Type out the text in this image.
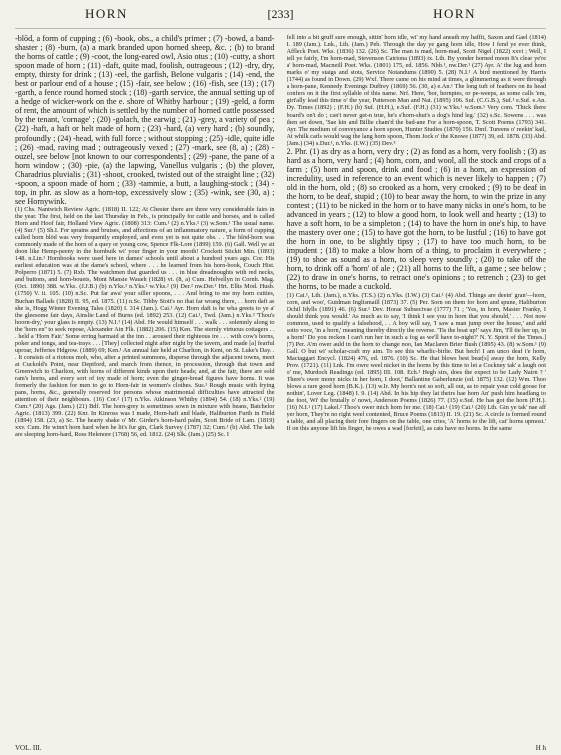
HORN	[233]	HORN

-blōd, a form of cupping ; (6) -book, obs., a child's primer ; (7) -bowd, a band-shaster ; (8) -burn, (a) a mark branded upon horned sheep, &c. ; (b) to brand the horns of cattle ; (9) -coot, the long-eared owl, Asio otus ; (10) -cutty, a short spoon made of horn ; (11) -daft, quite mad, foolish, outrageous ; (12) -dry, dry, empty, thirsty for drink ; (13) -eel, the garfish, Belone vulgaris ; (14) -end, the best or parlour end of a house ; (15) -fair, see below ; (16) -fish, see (13) ; (17) -garth, a fence round horned stock ; (18) -garth service, the annual setting up of a hedge of wicker-work on the e. shore of Whitby harbour ; (19) -geld, a form of rent, the amount of which is settled by the number of horned cattle possessed by the tenant, 'cornage' ; (20) -golach, the earwig ; (21) -grey, a variety of pea ; (22) -haft, a haft or helt made of horn ; (23) -hard, (a) very hard ; (b) soundly, profoundly ; (24) -head, with full force ; without stopping ; (25) -idle, quite idle ; (26) -mad, raving mad ; outrageously vexed ; (27) -mark, see (8, a) ; (28) -ouzel, see below [not known to our correspondents] ; (29) -pane, the pane of a horn window ; (30) -pie, (a) the lapwing, Vanellus vulgaris ; (b) the plover, Charadrius pluvialis ; (31) -shoot, crooked, twisted out of the straight line ; (32) -spoon, a spoon made of horn ; (33) -tammie, a butt, a laughing-stock ; (34) -top, in phr. as slow as a horn-top, excessively slow ; (35) -wink, see (30, a) ; see Hornywink.

(1) Chs. Nantwich Review Agric. (1818) II. 122; At Chester there are three very considerable fairs in the year. The first, held on the last Thursday in Feb., is principally for cattle and horses, and is called Horn and Hoof fair, Holland View Agric. (1808) 313: Cum.¹ (2) n.Yks.² (3) w.Som.¹ The usual name. (4) Sur.¹ (5) Sh.I. For sprains and bruises, and affections of an inflammatory nature, a form of cupping called horn blōd was very frequently employed, and even yet is not quite obs. . . The blōd-horn was commonly made of the horn of a quey or young cow, Spence Flk-Lore (1899) 159. (6) Gall. Well ye sit doon like Hemp-peeny in the hornbuik wi' your finger in your mooth! Crockett Stickit Min. (1893) 148. n.Lin.¹ Hornbooks were used here in dames' schools until about a hundred years ago. Cor. His earliest education was at the dame's school, where . . . he learned from his horn-book, Couch Hist. Polperro (1871) 5. (7) Rxb. The watchmen that guarded us . . . in blue dreadnoughts with red necks, and buttons, and horn-bouets, Mont Mansie Waueh (1828) vi. (8, a) Cum. Helvellyn in Cornh. Mag. (Oct. 1890) 388. w.Yks. (J.J.B.) (b) n.Yks.² n.Yks.² w.Yks.² (9) Der.² nw.Der.¹ Hrt. Ellis Mod. Husb. (1750) V. ii. 105. (10) n.Sc. Put far awa' your siller spoons, . . . And bring to me my horn cutties, Buchan Ballads (1828) II. 95, ed. 1875. (11) n.Sc. Tibby Stott's no that far wrang there, . . horn daft as she is, Hogg Winter Evening Tales (1820) I. 314 (Jam.). Cai.¹ Ayr. Horn daft is he wha greets to ye a' the gleesome fair days, Ainslie Land of Burns (ed. 1892) 253. (12) Cai.¹, Twd. (Jam.) n.Yks.² 'Thou's hoorn-dry,' your glass is empty. (13) N.I.¹ (14) Abd. He would himself . . . walk . . . solemnly along to the 'horn en'' to seek repose, Alexander Ain Flk. (1882) 206. (15) Ken. The sternly virtuous cottagers . . . held a 'Horn Fair.' Some erring barmaid at the inn . . aroused their righteous ire . . . with cow's horns, poker and tongs, and tea-trays . . . [They] collected night after night by the tavern, and made [a] fearful uproar, Jefferies Hdgrow. (1889) 69; Ken.¹ An annual fair held at Charlton, in Kent, on St. Luke's Day. . . It consists of a riotous mob, who, after a printed summons, disperse through the adjacent towns, meet at Cuckold's Point, near Deptford, and march from thence, in procession, through that town and Greenwich to Charlton, with horns of different kinds upon their heads; and, at the fair, there are sold ram's horns, and every sort of toy made of horn; even the ginger-bread figures have horns. It was formerly the fashion for men to go to Horn-fair in women's clothes. Sus.¹ Rough music with frying pans, horns, &c., generally reserved for persons whose matrimonial difficulties have attracted the attention of their neighbours. (16) Cor.² (17) n.Yks. Atkinson Whitby (1894) 54. (18) n.Yks.² (19) Cum.⁴ (20) Ags. (Jam.) (21) Bdf. The horn-grey is sometimes sown in mixture with beans, Batchelor Agric. (1813) 399. (22) Knr. In Kinross was I made, Horn-haft and blade, Haliburton Furth in Field (1894) 158. (23, a) Sc. The hearty shake o' Mr. Girder's horn-hard palm, Scott Bride of Lam. (1819) xxv. Cum. He winn't horn hard when he lit's fur gin, Clark Survey (1787) 32; Cum.¹ (b) Abd. The lads are sleeping horn-hard, Ross Helenore (1768) 56, ed. 1812. (24) Slk. (Jam.) (25) Sc. I

fell into a bit gruff sure enough, sittin' horn idle, wi' my hand aneath my haffit, Saxon and Gael (1814) I. 189 (Jam.). Lnk., Lth. (Jam.) Peb. Through the day ye gang horn idle, How I fend ye ever think, Affleck Poet. Wks. (1836) 132. (26) Sc. The man is mad, horn-mad, Scott Nigel (1822) xxvi ; Well, I tell ye fairly, I'm horn-mad, Stevenson Catriona (1893) ix. Lth. By yonder horned moon It's clear ye're a' horn-mad, Macneill Poet. Wks. (1801) 175, ed. 1856. Nhb.¹, nw.Der.¹ (27) Ayr. A' the lug and horn marks o' my staigs and stots, Service Notandums (1890) 5. (28) N.I.¹ A bird mentioned by Harris (1744) as found in Down. (29) Wxf. There came on his mind at times, a glimmering as it were through a horn-pane, Kennedy Evenings Duffrey (1869) 56. (30, a) e.An.¹ The long tuft of feathers on its head confers on it the first syllable of this name. Nrf. Here, 'bor, hornpies, or pe-weeps, as some calls 'em, girt'ally lead this time o' the year, Patterson Man and Nat. (1895) 106. Suf. (C.G.B.), Suf.¹ e.Suf. e.An. Dy. Times (1892) ; (F.H.) (b) Suf. (H.H.), e.Suf. (F.H.) (31) w.Yks.¹ w.Som.¹ Very com. 'Thick there board's on't do ; can't never get-n true, he's s'horn-shut's a dog's hind leg.' (32) s.Sc. Sowens . . . was then set down, 'Sae kin and Billie cham'd the bad-ane For a horn-spoon, T. Scott Poems (1793) 341. Ayr. The medium of conveyance a horn spoon, Hunter Studies (1870) 156. Dmf. Tureens o' reekin' kail, At whilk carls would wag the lang horn spoon, Thom Jock o' the Knowe (1877) 39, ed. 1878. (33) Abd. (Jam.) (34) s.Dur.¹, n.Yks. (I.W.) (35) Dev.³

2. Phr. (1) as dry as a horn, very dry ; (2) as fond as a horn, very foolish ; (3) as hard as a horn, very hard ; (4) horn, corn, and wool, all the stock and crops of a farm ; (5) horn and spoon, drink and food ; (6) in a horn, an expression of incredulity, used in reference to an event which is never likely to happen ; (7) old in the horn, old ; (8) so crooked as a horn, very crooked ; (9) to be deaf in the horn, to be deaf, stupid ; (10) to bear away the horn, to win the prize in any contest ; (11) to be nicked in the horn or to have many nicks in one's horn, to be advanced in years ; (12) to blow a good horn, to look well and hearty ; (13) to have a soft horn, to be a simpleton ; (14) to have the horn in one's hip, to have the mastery over one ; (15) to have got the horn, to be lustful ; (16) to have got the horn in one, to be slightly tipsy ; (17) to have too much horn, to be impudent ; (18) to make a blow horn of a thing, to proclaim it everywhere ; (19) to shoe as sound as a horn, to sleep very soundly ; (20) to take off the horn, to drink off a 'horn' of ale ; (21) all horns to the lift, a game ; see below ; (22) to draw in one's horns, to retract one's opinions ; to retrench ; (23) to get the horns, to be made a cuckold.

(1) Cai.¹, Lth. (Jam.), n.Yks. (T.S.) (2) n.Yks. (I.W.) (3) Cai.¹ (4) Abd. Things are deein' gran'—horn, corn, and woo', Guidman Inglismaill (1873) 37. (5) Per. Sorn on them for horn and spune, Haliburton Ochil Idylls (1891) 46. (6) Sur.¹ Dev. Horae Subsecivae (1777) 71 ; 'Yes, in horn, Master Franky, I should think you would.' As much as to say, 'I think I see you in horn that you should,' . . . Not now common, used to qualify a falsehood, . . A boy will say, 'I saw a man jump over the house,' and add sotto voce, 'in a horn,' meaning thereby directly the reverse. 'Tis the boat up!' says Jim, 'I'll tie her up, in a horn!' Do you reckon I can't run her in such a fog as we'll have to-night?' N. Y. Spirit of the Times.] (7) Per. A'm ower auld in the horn to change noo, Ian Maclaren Brier Bush (1895) 43. (8) w.Som.¹ (9) Gall. O but wi' scholar-craft my aim. To see this wharlic-birlie. But hech! I am unco deaf i'e horn, Mactaggart Encycl. (1824) 476, ed. 1876. (10) Sc. He that blows best bear[s] away the horn, Kelly Prov. (1721). (11) Lnk. I'm owre weel nicket in the horns by this time to let a Cockney tak' a laugh oot o' me, Murdoch Readings (ed. 1895) III. 108. Ech.¹ Hegh sirs, does the expect to be Lady Nairn ? ' There's ower mony nicks in her horn, I doot,' Ballantine Gaberlunzie (ed. 1875) 132. (12) Wm. Thoo blows a rare good horn (B.K.). (13) w.Ir. My horn's not so soft, all out, as to repair your cold goose for nothin', Lover Leg. (1848) I. 9. (14) Abd. In his hip they lat theirs hae horn An' push him headlang to the foot, Wi' the brutally o' nowt, Anderson Poems (1826) 77. (15) e.Suf. He has got the horn (F.H.). (16) N.I.¹ (17) Lakel.² Thoo's ower mich horn fer me. (18) Cai.¹ (19) Cai.¹ (20) Lth. Gin ye tak' nae aff yer horn, They're no right weel contented, Bruce Poems (1813) II. 19. (21) Sc. A circle is formed round a table, and all placing their fore fingers on the table, one cries, 'A' horns to the lift, cat' horns upmost.' If on this anyone lift his finger, he owes a wad [forfeit], as cats have no horns. In the same

VOL. III.	H h
